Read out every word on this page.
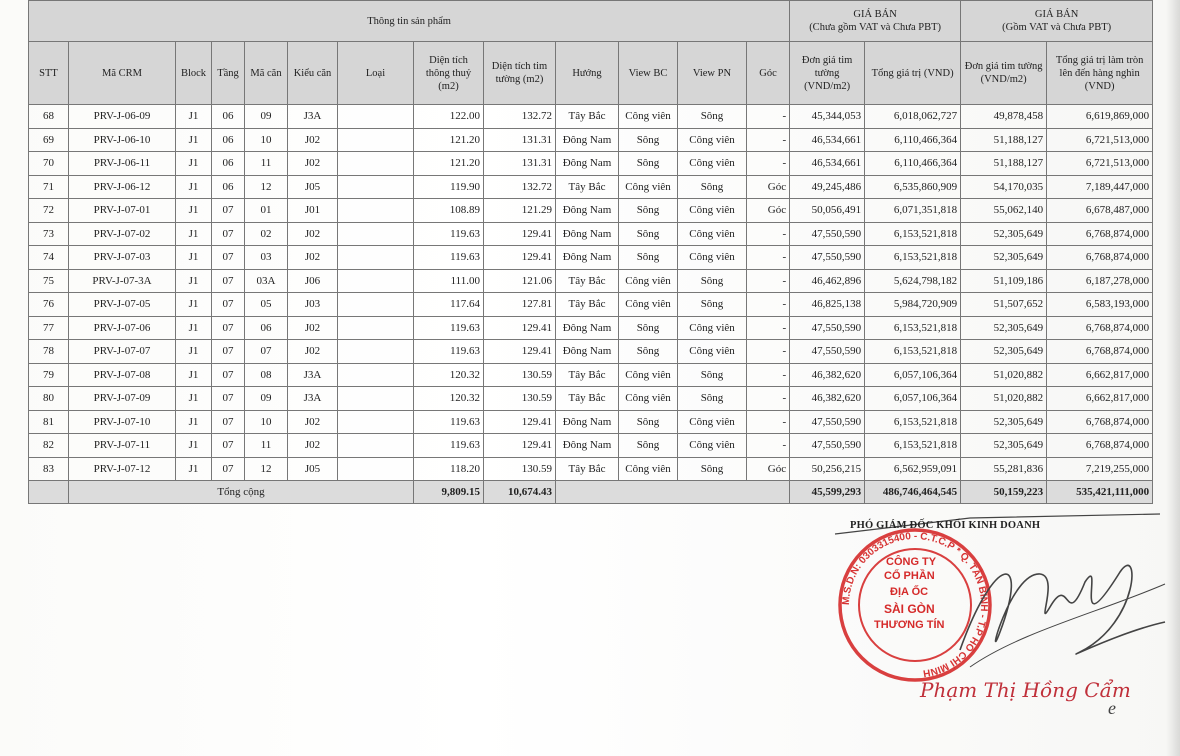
Thông tin sản phẩm													GIÁ BÁN
(Chưa gồm VAT và Chưa PBT)		GIÁ BÁN
(Gồm VAT và Chưa PBT)	
STT	Mã CRM	Block	Tầng	Mã căn	Kiểu căn	Loại	Diện tích thông thuỷ (m2)	Diện tích tim tường (m2)	Hướng	View BC	View PN	Góc	Đơn giá tim tường (VND/m2)	Tổng giá trị (VND)	Đơn giá tim tường (VND/m2)	Tổng giá trị làm tròn lên đến hàng nghìn (VND)
68	PRV-J-06-09	J1	06	09	J3A		122.00	132.72	Tây Bắc	Công viên	Sông	-	45,344,053	6,018,062,727	49,878,458	6,619,869,000
69	PRV-J-06-10	J1	06	10	J02		121.20	131.31	Đông Nam	Sông	Công viên	-	46,534,661	6,110,466,364	51,188,127	6,721,513,000
70	PRV-J-06-11	J1	06	11	J02		121.20	131.31	Đông Nam	Sông	Công viên	-	46,534,661	6,110,466,364	51,188,127	6,721,513,000
71	PRV-J-06-12	J1	06	12	J05		119.90	132.72	Tây Bắc	Công viên	Sông	Góc	49,245,486	6,535,860,909	54,170,035	7,189,447,000
72	PRV-J-07-01	J1	07	01	J01		108.89	121.29	Đông Nam	Sông	Công viên	Góc	50,056,491	6,071,351,818	55,062,140	6,678,487,000
73	PRV-J-07-02	J1	07	02	J02		119.63	129.41	Đông Nam	Sông	Công viên	-	47,550,590	6,153,521,818	52,305,649	6,768,874,000
74	PRV-J-07-03	J1	07	03	J02		119.63	129.41	Đông Nam	Sông	Công viên	-	47,550,590	6,153,521,818	52,305,649	6,768,874,000
75	PRV-J-07-3A	J1	07	03A	J06		111.00	121.06	Tây Bắc	Công viên	Sông	-	46,462,896	5,624,798,182	51,109,186	6,187,278,000
76	PRV-J-07-05	J1	07	05	J03		117.64	127.81	Tây Bắc	Công viên	Sông	-	46,825,138	5,984,720,909	51,507,652	6,583,193,000
77	PRV-J-07-06	J1	07	06	J02		119.63	129.41	Đông Nam	Sông	Công viên	-	47,550,590	6,153,521,818	52,305,649	6,768,874,000
78	PRV-J-07-07	J1	07	07	J02		119.63	129.41	Đông Nam	Sông	Công viên	-	47,550,590	6,153,521,818	52,305,649	6,768,874,000
79	PRV-J-07-08	J1	07	08	J3A		120.32	130.59	Tây Bắc	Công viên	Sông	-	46,382,620	6,057,106,364	51,020,882	6,662,817,000
80	PRV-J-07-09	J1	07	09	J3A		120.32	130.59	Tây Bắc	Công viên	Sông	-	46,382,620	6,057,106,364	51,020,882	6,662,817,000
81	PRV-J-07-10	J1	07	10	J02		119.63	129.41	Đông Nam	Sông	Công viên	-	47,550,590	6,153,521,818	52,305,649	6,768,874,000
82	PRV-J-07-11	J1	07	11	J02		119.63	129.41	Đông Nam	Sông	Công viên	-	47,550,590	6,153,521,818	52,305,649	6,768,874,000
83	PRV-J-07-12	J1	07	12	J05		118.20	130.59	Tây Bắc	Công viên	Sông	Góc	50,256,215	6,562,959,091	55,281,836	7,219,255,000
	Tổng cộng						9,809.15	10,674.43					45,599,293	486,746,464,545	50,159,223	535,421,111,000
M.S.D.N: 0303315400 - C.T.C.P * Q. TÂN BÌNH - T.P HỒ CHÍ MINH
CÔNG TY
CỔ PHẦN
ĐỊA ỐC
SÀI GÒN
THƯƠNG TÍN
PHÓ GIÁM ĐỐC KHỐI KINH DOANH
Phạm Thị Hồng Cẩm
e
